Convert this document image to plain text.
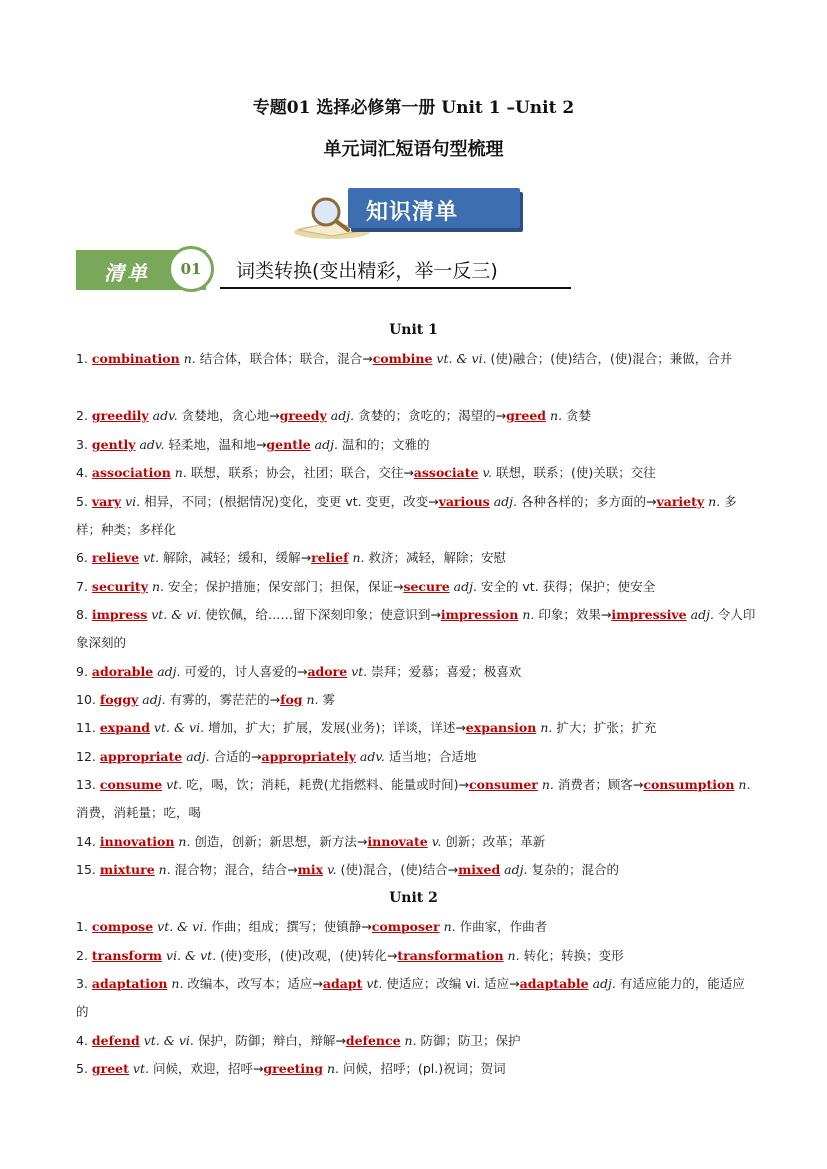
专题01 选择必修第一册 Unit 1 –Unit 2
单元词汇短语句型梳理
知识清单
清单	01	词类转换(变出精彩，举一反三)
Unit 1
1. combination n. 结合体，联合体；联合，混合→combine vt. & vi. (使)融合；(使)结合，(使)混合；兼做，合并
2. greedily adv. 贪婪地，贪心地→greedy adj. 贪婪的；贪吃的；渴望的→greed n. 贪婪
3. gently adv. 轻柔地，温和地→gentle adj. 温和的；文雅的
4. association n. 联想，联系；协会，社团；联合，交往→associate v. 联想，联系；(使)关联；交往
5. vary vi. 相异，不同；(根据情况)变化，变更 vt. 变更，改变→various adj. 各种各样的；多方面的→variety n. 多样；种类；多样化
6. relieve vt. 解除，减轻；缓和，缓解→relief n. 救济；减轻，解除；安慰
7. security n. 安全；保护措施；保安部门；担保，保证→secure adj. 安全的 vt. 获得；保护；使安全
8. impress vt. & vi. 使钦佩，给……留下深刻印象；使意识到→impression n. 印象；效果→impressive adj. 令人印象深刻的
9. adorable adj. 可爱的，讨人喜爱的→adore vt. 崇拜；爱慕；喜爱；极喜欢
10. foggy adj. 有雾的，雾茫茫的→fog n. 雾
11. expand vt. & vi. 增加，扩大；扩展，发展(业务)；详谈，详述→expansion n. 扩大；扩张；扩充
12. appropriate adj. 合适的→appropriately adv. 适当地；合适地
13. consume vt. 吃，喝，饮；消耗，耗费(尤指燃料、能量或时间)→consumer n. 消费者；顾客→consumption n. 消费，消耗量；吃，喝
14. innovation n. 创造，创新；新思想，新方法→innovate v. 创新；改革；革新
15. mixture n. 混合物；混合，结合→mix v. (使)混合，(使)结合→mixed adj. 复杂的；混合的
Unit 2
1. compose vt. & vi. 作曲；组成；撰写；使镇静→composer n. 作曲家，作曲者
2. transform vi. & vt. (使)变形，(使)改观，(使)转化→transformation n. 转化；转换；变形
3. adaptation n. 改编本，改写本；适应→adapt vt. 使适应；改编 vi. 适应→adaptable adj. 有适应能力的，能适应的
4. defend vt. & vi. 保护，防御；辩白，辩解→defence n. 防御；防卫；保护
5. greet vt. 问候，欢迎，招呼→greeting n. 问候，招呼；(pl.)祝词；贺词
